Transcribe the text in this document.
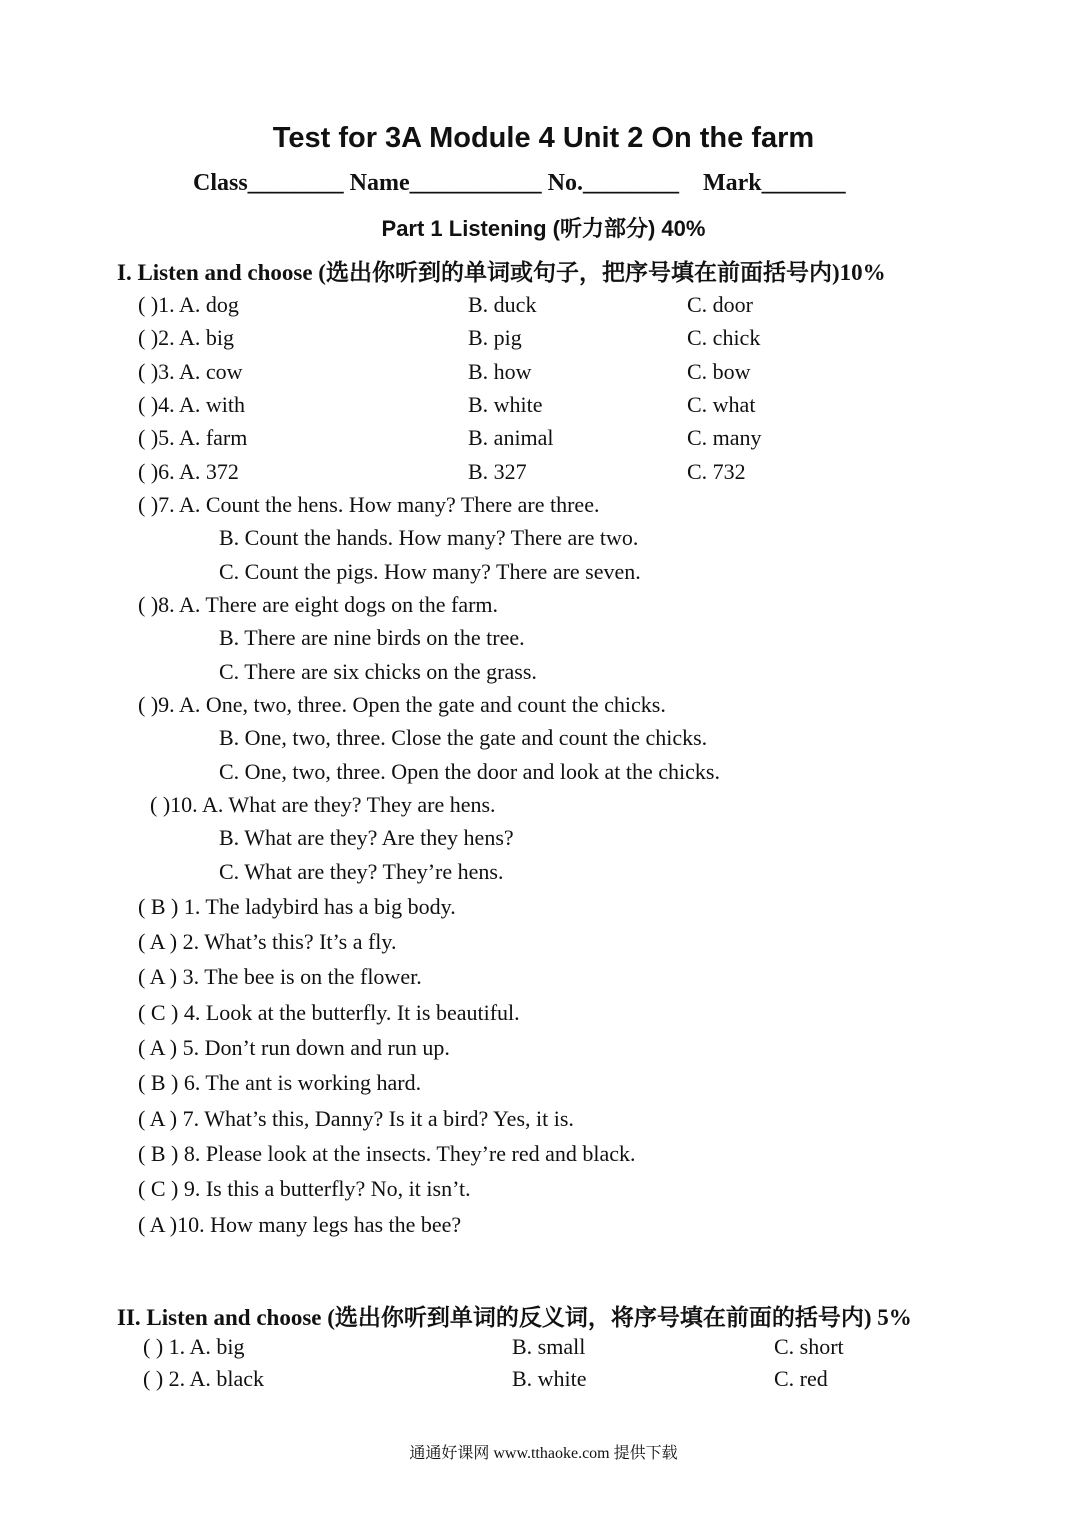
Test for 3A Module 4 Unit 2 On the farm
Class________ Name___________ No.________    Mark_______
Part 1 Listening (听力部分) 40%
I. Listen and choose (选出你听到的单词或句子，把序号填在前面括号内)10%
( )1. A. dog	B. duck	C. door
( )2. A. big	B. pig	C. chick
( )3. A. cow	B. how	C. bow
( )4. A. with	B. white	C. what
( )5. A. farm	B. animal	C. many
( )6. A. 372	B. 327	C. 732
( )7. A. Count the hens. How many? There are three.
B. Count the hands. How many? There are two.
C. Count the pigs. How many? There are seven.
( )8. A. There are eight dogs on the farm.
B. There are nine birds on the tree.
C. There are six chicks on the grass.
( )9. A. One, two, three. Open the gate and count the chicks.
B. One, two, three. Close the gate and count the chicks.
C. One, two, three. Open the door and look at the chicks.
( )10. A. What are they? They are hens.
B. What are they? Are they hens?
C. What are they? They’re hens.
( B ) 1. The ladybird has a big body.
( A ) 2. What’s this? It’s a fly.
( A ) 3. The bee is on the flower.
( C ) 4. Look at the butterfly. It is beautiful.
( A ) 5. Don’t run down and run up.
( B ) 6. The ant is working hard.
( A ) 7. What’s this, Danny? Is it a bird? Yes, it is.
( B ) 8. Please look at the insects. They’re red and black.
( C ) 9. Is this a butterfly? No, it isn’t.
( A )10. How many legs has the bee?
II. Listen and choose (选出你听到单词的反义词，将序号填在前面的括号内) 5%
( ) 1. A. big	B. small	C. short
( ) 2. A. black	B. white	C. red
通通好课网 www.tthaoke.com 提供下载
